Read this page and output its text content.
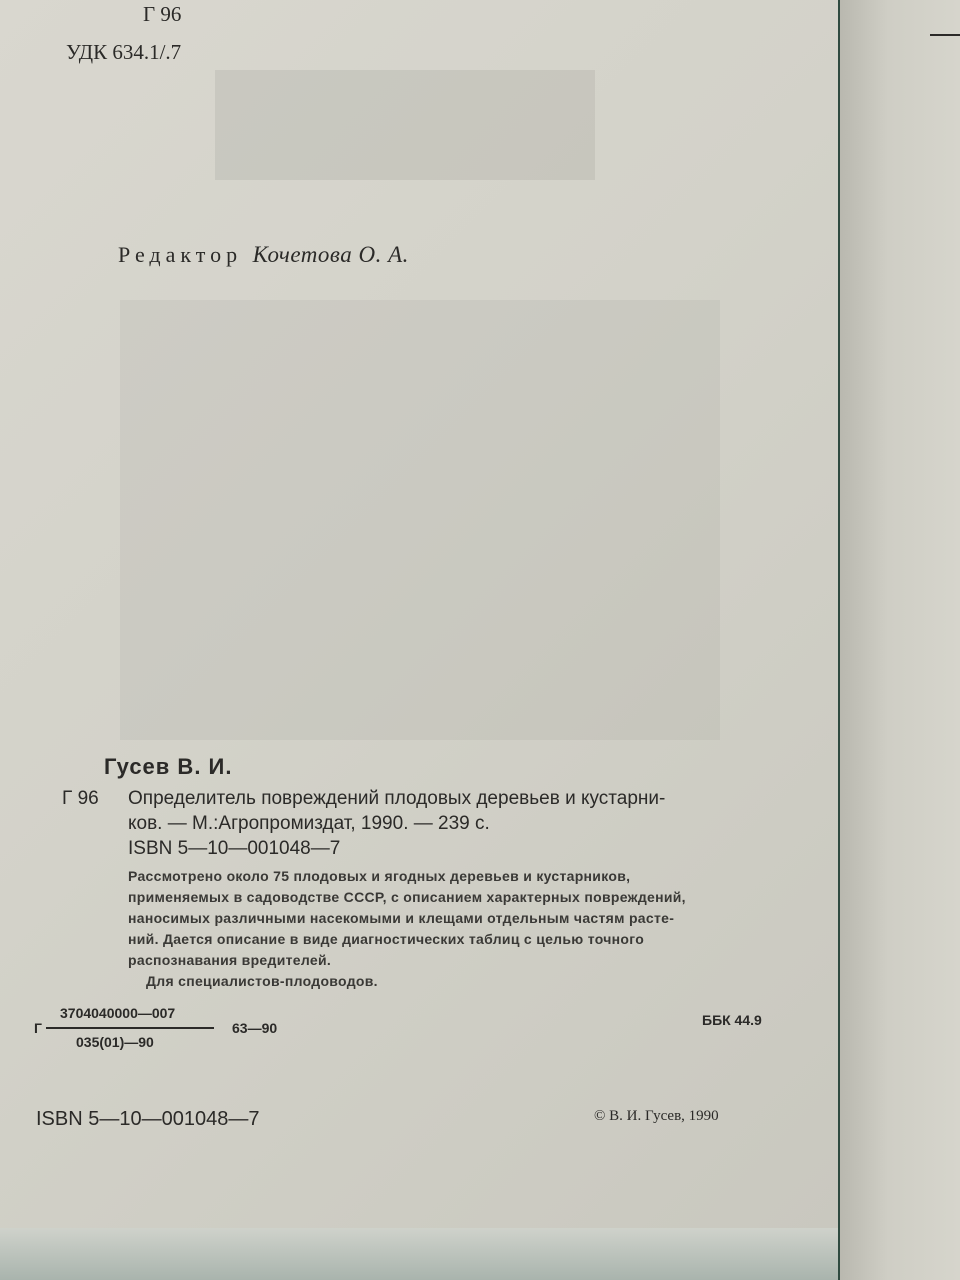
Г 96
УДК 634.1/.7
Редактор Кочетова О. А.
Гусев В. И.
Г 96 Определитель повреждений плодовых деревьев и кустарни-
ков. — М.:Агропромиздат, 1990. — 239 с.
ISBN 5—10—001048—7
Рассмотрено около 75 плодовых и ягодных деревьев и кустарников,
применяемых в садоводстве СССР, с описанием характерных повреждений,
наносимых различными насекомыми и клещами отдельным частям расте-
ний. Дается описание в виде диагностических таблиц с целью точного
распознавания вредителей.
Для специалистов-плодоводов.
Г
3704040000—007
035(01)—90
63—90	ББК 44.9
ISBN 5—10—001048—7	© В. И. Гусев, 1990
